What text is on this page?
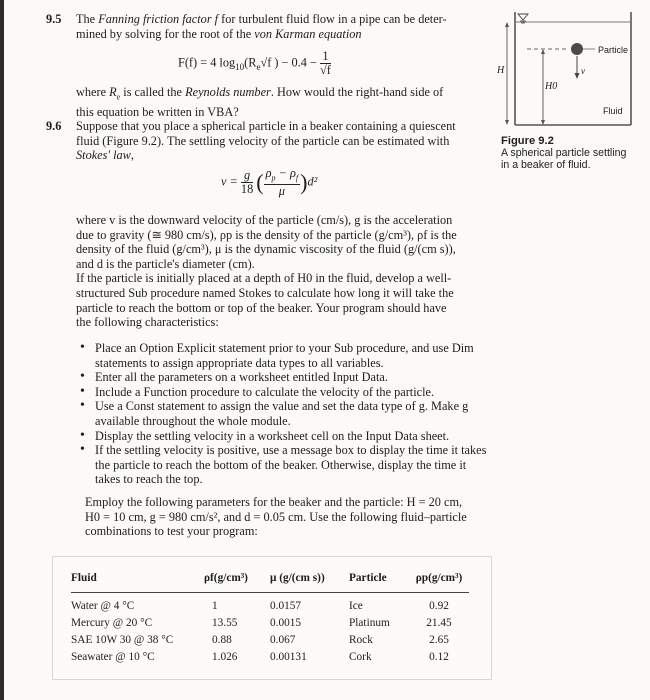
9.5 The Fanning friction factor f for turbulent fluid flow in a pipe can be deter-
mined by solving for the root of the von Karman equation
F(f) = 4 $\log_{10}(R_e√f$ ) − $0.4 - \frac{1}{√f}$
where $R_e$ is called the Reynolds number. How would the right-hand side of
this equation be written in VBA?
9.6 Suppose that you place a spherical particle in a beaker containing a quiescent
fluid (Figure 9.2). The settling velocity of the particle can be estimated with
Stokes' law,
$v = \frac{g}{18}$ ( $\frac{\rho_p - \rho_f}{\mu} )d^2$
where v is the downward velocity of the particle (cm/s), g is the acceleration
due to gravity (≅ 980 cm/s), ρp is the density of the particle (g/cm³), ρf is the
density of the fluid (g/cm³), μ is the dynamic viscosity of the fluid (g/(cm s)),
and d is the particle's diameter (cm).
If the particle is initially placed at a depth of H0 in the fluid, develop a well-
structured Sub procedure named Stokes to calculate how long it will take the
particle to reach the bottom or top of the beaker. Your program should have
the following characteristics:
• Place an Option Explicit statement prior to your Sub procedure, and use Dim statements to assign appropriate data types to all variables.
• Enter all the parameters on a worksheet entitled Input Data.
• Include a Function procedure to calculate the velocity of the particle.
• Use a Const statement to assign the value and set the data type of g. Make g available throughout the whole module.
• Display the settling velocity in a worksheet cell on the Input Data sheet.
• If the settling velocity is positive, use a message box to display the time it takes the particle to reach the bottom of the beaker. Otherwise, display the time it takes to reach the top.
Employ the following parameters for the beaker and the particle: H = 20 cm,
H0 = 10 cm, g = 980 cm/s², and d = 0.05 cm. Use the following fluid–particle
combinations to test your program:
Fluid	ρf(g/cm³)	μ (g/(cm s))	Particle	ρp(g/cm³)
Water @ 4 °C	1	0.0157	Ice	0.92
Mercury @ 20 °C	13.55	0.0015	Platinum	21.45
SAE 10W 30 @ 38 °C	0.88	0.067	Rock	2.65
Seawater @ 10 °C	1.026	0.00131	Cork	0.12
Particle
Fluid
H
H0
v
Figure 9.2
A spherical particle settling
in a beaker of fluid.
